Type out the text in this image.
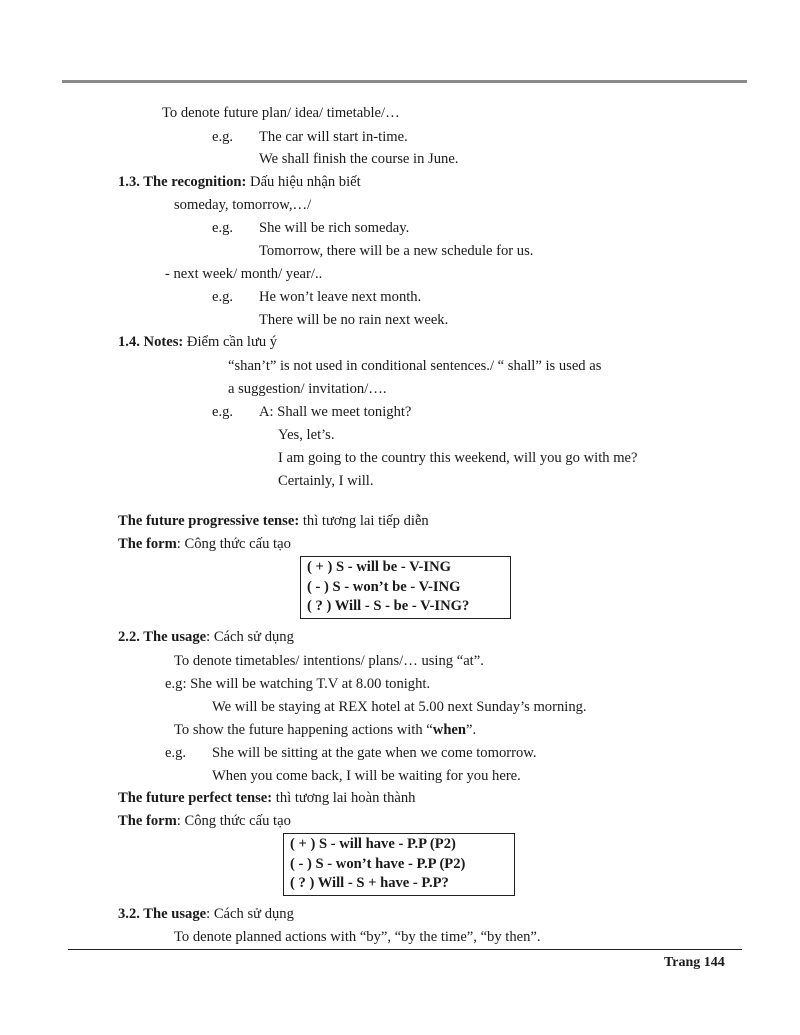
To denote future plan/ idea/ timetable/…
e.g. The car will start in-time.
We shall finish the course in June.
1.3. The recognition: Dấu hiệu nhận biết
someday, tomorrow,…/
e.g. She will be rich someday.
Tomorrow, there will be a new schedule for us.
- next week/ month/ year/..
e.g. He won’t leave next month.
There will be no rain next week.
1.4. Notes: Điểm cần lưu ý
“shan’t” is not used in conditional sentences./ “ shall” is used as
a suggestion/ invitation/….
e.g. A: Shall we meet tonight?
Yes, let’s.
I am going to the country this weekend, will you go with me?
Certainly, I will.
The future progressive tense: thì tương lai tiếp diễn
The form: Công thức cấu tạo
( + ) S - will be - V-ING
( - ) S - won’t be - V-ING
( ? ) Will - S - be - V-ING?
2.2. The usage: Cách sử dụng
To denote timetables/ intentions/ plans/… using “at”.
e.g: She will be watching T.V at 8.00 tonight.
We will be staying at REX hotel at 5.00 next Sunday’s morning.
To show the future happening actions with “when”.
e.g. She will be sitting at the gate when we come tomorrow.
When you come back, I will be waiting for you here.
The future perfect tense: thì tương lai hoàn thành
The form: Công thức cấu tạo
( + ) S - will have - P.P (P2)
( - ) S - won’t have - P.P (P2)
( ? ) Will - S + have - P.P?
3.2. The usage: Cách sử dụng
To denote planned actions with “by”, “by the time”, “by then”.
Trang 144
